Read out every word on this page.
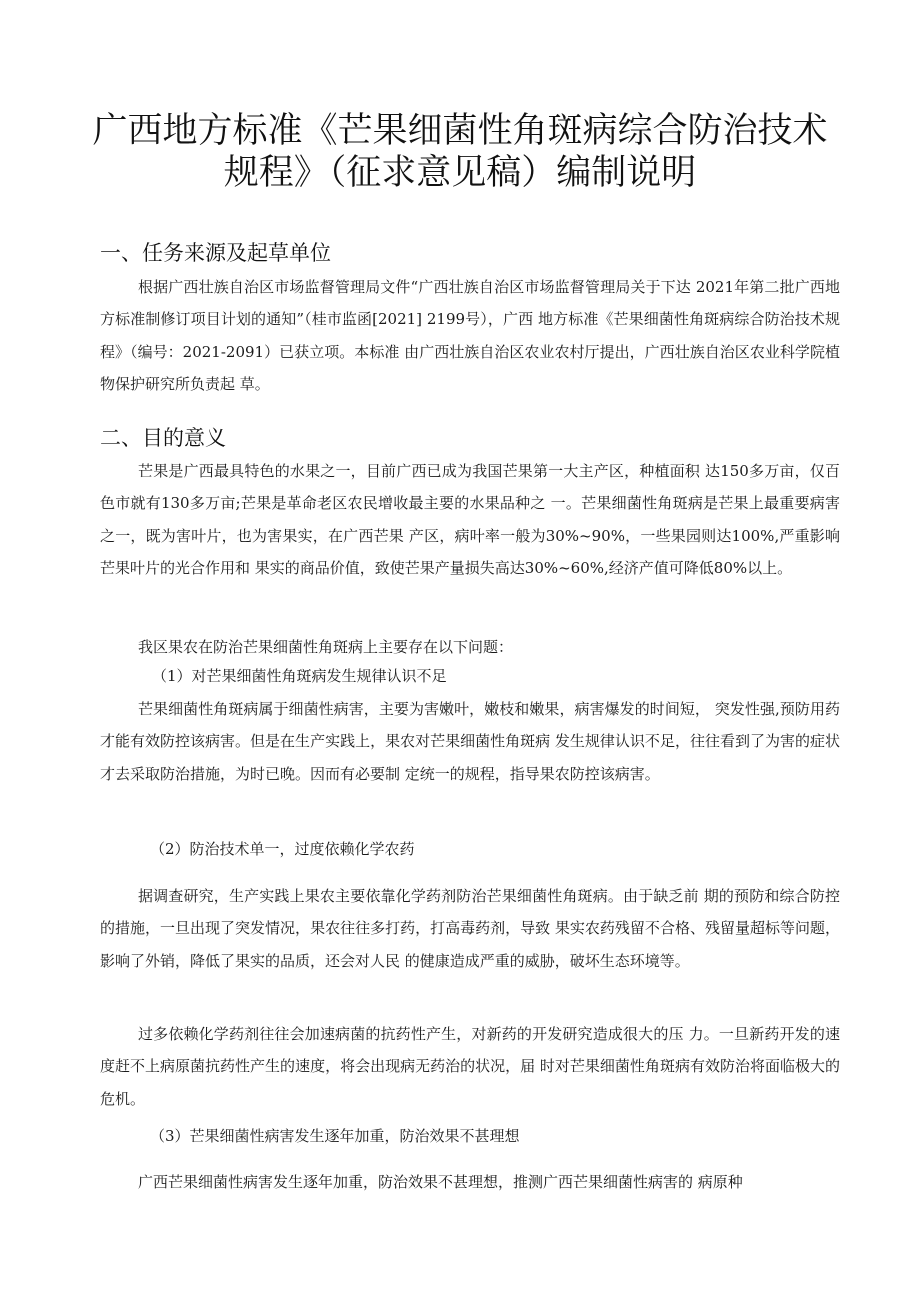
广西地方标准《芒果细菌性角斑病综合防治技术
规程》（征求意见稿）编制说明
一、任务来源及起草单位
根据广西壮族自治区市场监督管理局文件“广西壮族自治区市场监督管理局关于下达 2021年第二批广西地方标准制修订项目计划的通知”（桂市监函[2021] 2199号），广西 地方标准《芒果细菌性角斑病综合防治技术规程》（编号：2021-2091）已获立项。本标准 由广西壮族自治区农业农村厅提出，广西壮族自治区农业科学院植物保护研究所负责起 草。
二、目的意义
芒果是广西最具特色的水果之一，目前广西已成为我国芒果第一大主产区，种植面积 达150多万亩，仅百色市就有130多万亩;芒果是革命老区农民增收最主要的水果品种之 一。芒果细菌性角斑病是芒果上最重要病害之一，既为害叶片，也为害果实，在广西芒果 产区，病叶率一般为30%~90%，一些果园则达100%,严重影响芒果叶片的光合作用和 果实的商品价值，致使芒果产量损失高达30%~60%,经济产值可降低80%以上。
我区果农在防治芒果细菌性角斑病上主要存在以下问题：
（1）对芒果细菌性角斑病发生规律认识不足
芒果细菌性角斑病属于细菌性病害，主要为害嫩叶，嫩枝和嫩果，病害爆发的时间短， 突发性强,预防用药才能有效防控该病害。但是在生产实践上，果农对芒果细菌性角斑病 发生规律认识不足，往往看到了为害的症状才去采取防治措施，为时已晚。因而有必要制 定统一的规程，指导果农防控该病害。
（2）防治技术单一，过度依赖化学农药
据调查研究，生产实践上果农主要依靠化学药剂防治芒果细菌性角斑病。由于缺乏前 期的预防和综合防控的措施，一旦出现了突发情况，果农往往多打药，打高毒药剂，导致 果实农药残留不合格、残留量超标等问题，影响了外销，降低了果实的品质，还会对人民 的健康造成严重的威胁，破坏生态环境等。
过多依赖化学药剂往往会加速病菌的抗药性产生，对新药的开发研究造成很大的压 力。一旦新药开发的速度赶不上病原菌抗药性产生的速度，将会出现病无药治的状况，届 时对芒果细菌性角斑病有效防治将面临极大的危机。
（3）芒果细菌性病害发生逐年加重，防治效果不甚理想
广西芒果细菌性病害发生逐年加重，防治效果不甚理想，推测广西芒果细菌性病害的 病原种
